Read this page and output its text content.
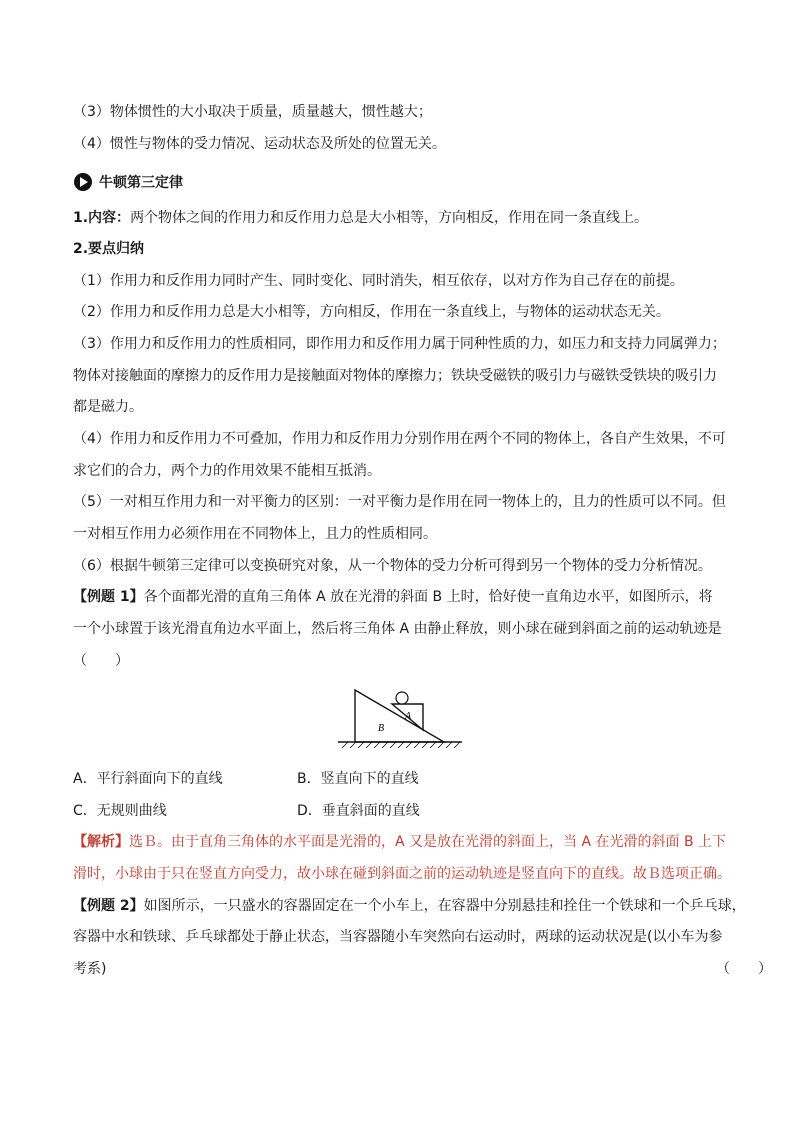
（3）物体惯性的大小取决于质量，质量越大，惯性越大；
（4）惯性与物体的受力情况、运动状态及所处的位置无关。
牛顿第三定律
1.内容：两个物体之间的作用力和反作用力总是大小相等，方向相反，作用在同一条直线上。
2.要点归纳
（1）作用力和反作用力同时产生、同时变化、同时消失，相互依存，以对方作为自己存在的前提。
（2）作用力和反作用力总是大小相等，方向相反，作用在一条直线上，与物体的运动状态无关。
（3）作用力和反作用力的性质相同，即作用力和反作用力属于同种性质的力，如压力和支持力同属弹力；
物体对接触面的摩擦力的反作用力是接触面对物体的摩擦力；铁块受磁铁的吸引力与磁铁受铁块的吸引力
都是磁力。
（4）作用力和反作用力不可叠加，作用力和反作用力分别作用在两个不同的物体上，各自产生效果，不可
求它们的合力，两个力的作用效果不能相互抵消。
（5）一对相互作用力和一对平衡力的区别：一对平衡力是作用在同一物体上的，且力的性质可以不同。但
一对相互作用力必须作用在不同物体上，且力的性质相同。
（6）根据牛顿第三定律可以变换研究对象，从一个物体的受力分析可得到另一个物体的受力分析情况。
【例题 1】各个面都光滑的直角三角体 A 放在光滑的斜面 B 上时，恰好使一直角边水平，如图所示，将
一个小球置于该光滑直角边水平面上，然后将三角体 A 由静止释放，则小球在碰到斜面之前的运动轨迹是
（　　）
A
B
A．平行斜面向下的直线	B．竖直向下的直线
C．无规则曲线	D．垂直斜面的直线
【解析】选Ｂ。由于直角三角体的水平面是光滑的，A 又是放在光滑的斜面上，当 A 在光滑的斜面 B 上下
滑时，小球由于只在竖直方向受力，故小球在碰到斜面之前的运动轨迹是竖直向下的直线。故Ｂ选项正确。
【例题 2】如图所示，一只盛水的容器固定在一个小车上，在容器中分别悬挂和拴住一个铁球和一个乒乓球，
容器中水和铁球、乒乓球都处于静止状态，当容器随小车突然向右运动时，两球的运动状况是(以小车为参
考系)	（　　）
